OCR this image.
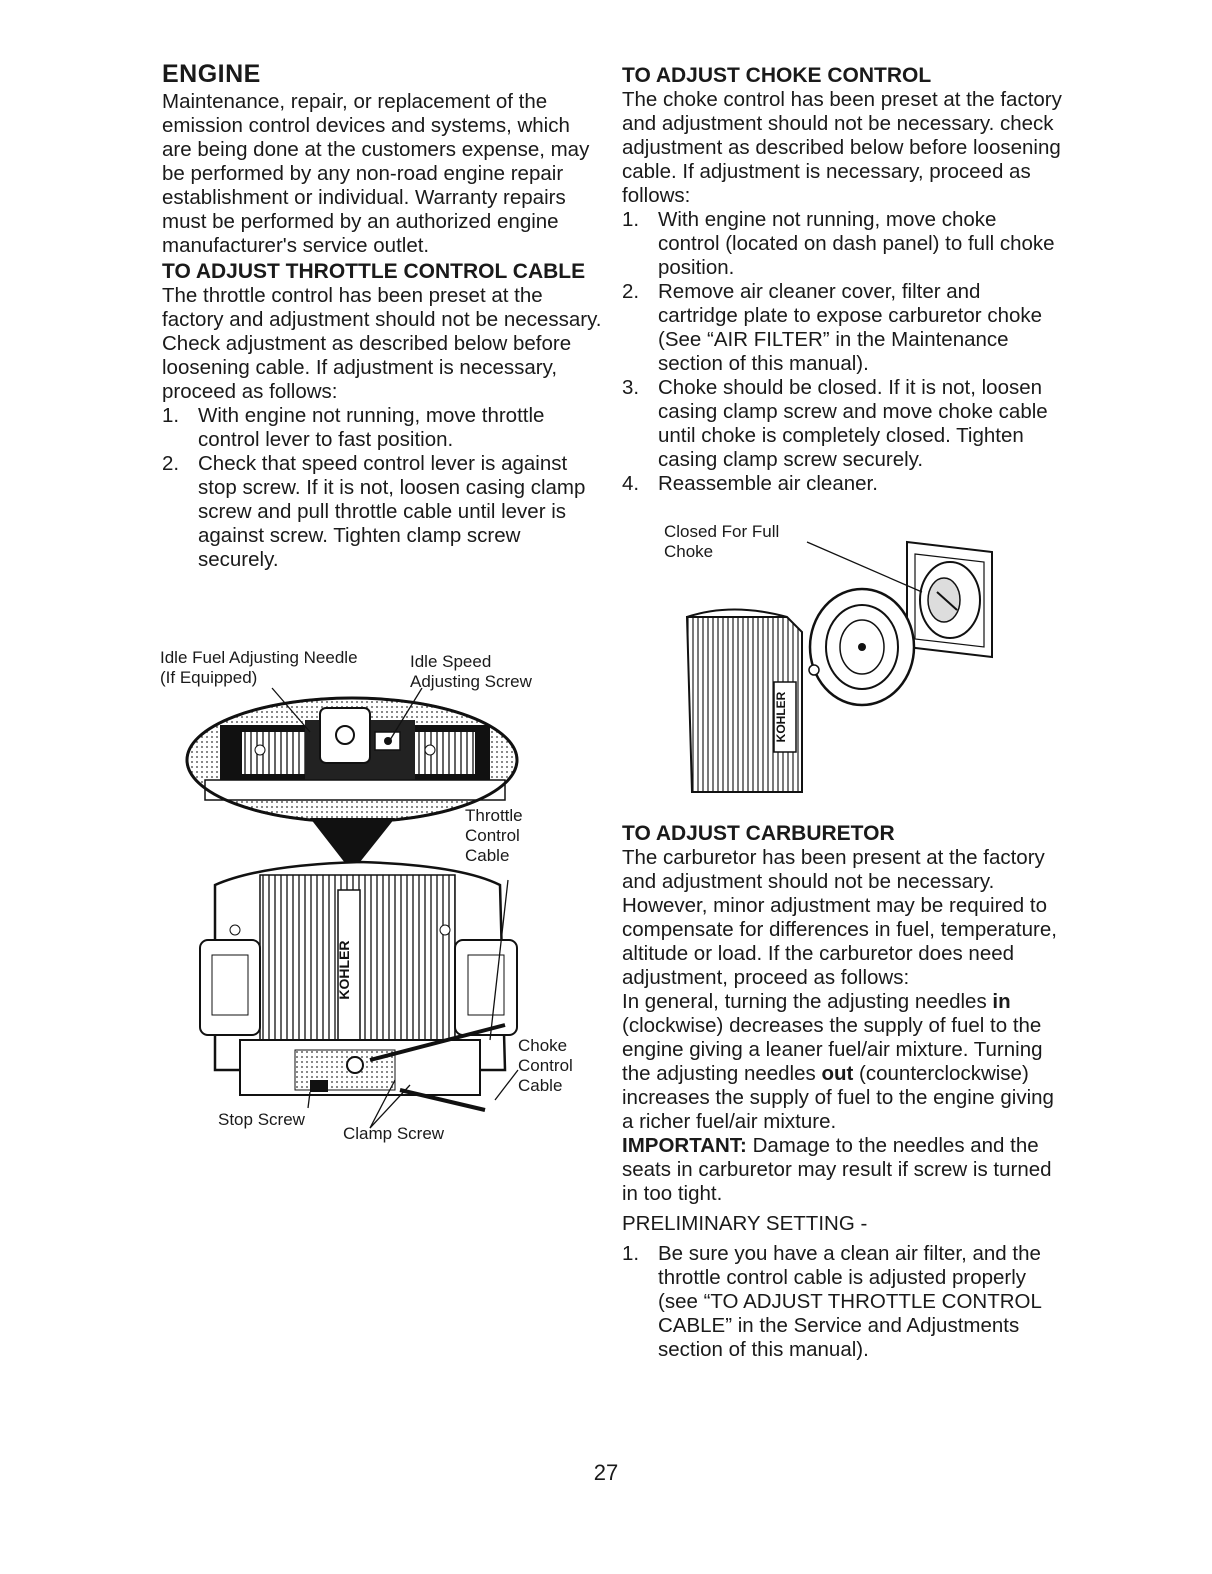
ENGINE

Maintenance, repair, or replacement of the emission control devices and systems, which are being done at the customers expense, may be performed by any non-road engine repair establishment or individual. Warranty repairs must be performed by an authorized engine manufacturer's service outlet.

TO ADJUST THROTTLE CONTROL CABLE

The throttle control has been preset at the factory and adjustment should not be necessary. Check adjustment as described below before loosening cable. If adjustment is necessary, proceed as follows:

1. With engine not running, move throttle control lever to fast position.
2. Check that speed control lever is against stop screw. If it is not, loosen casing clamp screw and pull throttle cable until lever is against screw. Tighten clamp screw securely.
KOHLER
Idle Fuel Adjusting Needle (If Equipped)
Idle Speed Adjusting Screw
Throttle Control Cable
Choke Control Cable
Stop Screw
Clamp Screw
TO ADJUST CHOKE CONTROL

The choke control has been preset at the factory and adjustment should not be necessary. check adjustment as described below before loosening cable. If adjustment is necessary, proceed as follows:

1. With engine not running, move choke control (located on dash panel) to full choke position.
2. Remove air cleaner cover, filter and cartridge plate to expose carburetor choke (See “AIR FILTER” in the Maintenance section of this manual).
3. Choke should be closed. If it is not, loosen casing clamp screw and move choke cable until choke is completely closed. Tighten casing clamp screw securely.
4. Reassemble air cleaner.
KOHLER
Closed For Full Choke
TO ADJUST CARBURETOR

The carburetor has been present at the factory and adjustment should not be necessary. However, minor adjustment may be required to compensate for differences in fuel, temperature, altitude or load. If the carburetor does need adjustment, proceed as follows:

In general, turning the adjusting needles in (clockwise) decreases the supply of fuel to the engine giving a leaner fuel/air mixture. Turning the adjusting needles out (counterclockwise) increases the supply of fuel to the engine giving a richer fuel/air mixture.

IMPORTANT: Damage to the needles and the seats in carburetor may result if screw is turned in too tight.

PRELIMINARY SETTING -

1. Be sure you have a clean air filter, and the throttle control cable is adjusted properly (see “TO ADJUST THROTTLE CONTROL CABLE” in the Service and Adjustments section of this manual).
27
